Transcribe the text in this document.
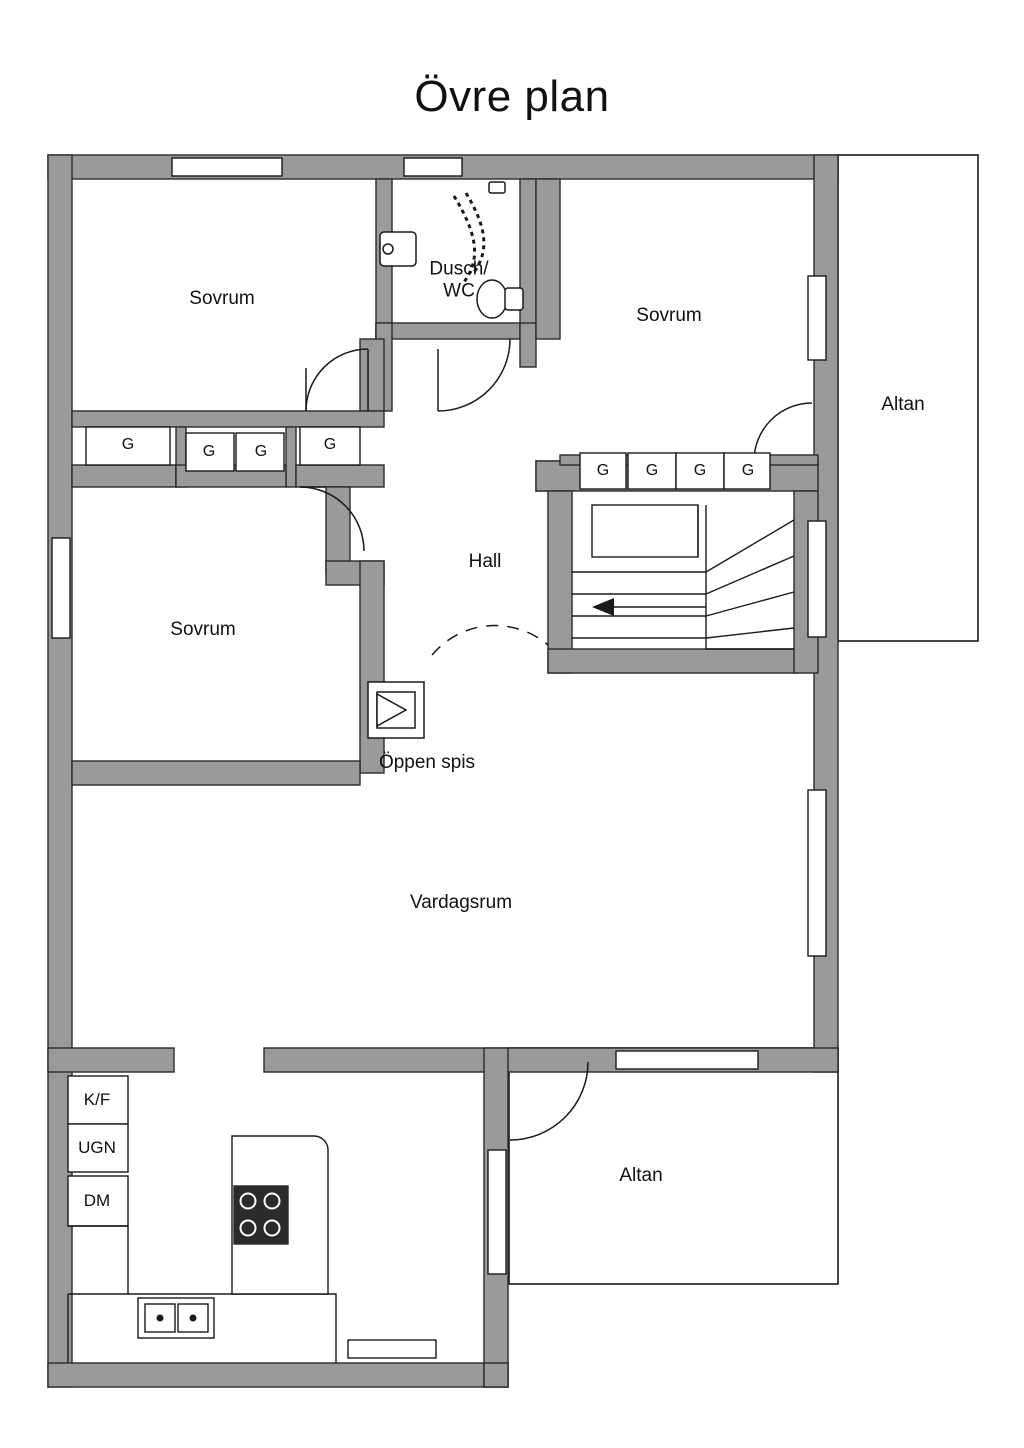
Övre plan
Sovrum
Dusch/
WC
Sovrum
Altan
Hall
Sovrum
Öppen spis
Vardagsrum
Altan
K/F
UGN
DM
G	G G	G
G G G G
